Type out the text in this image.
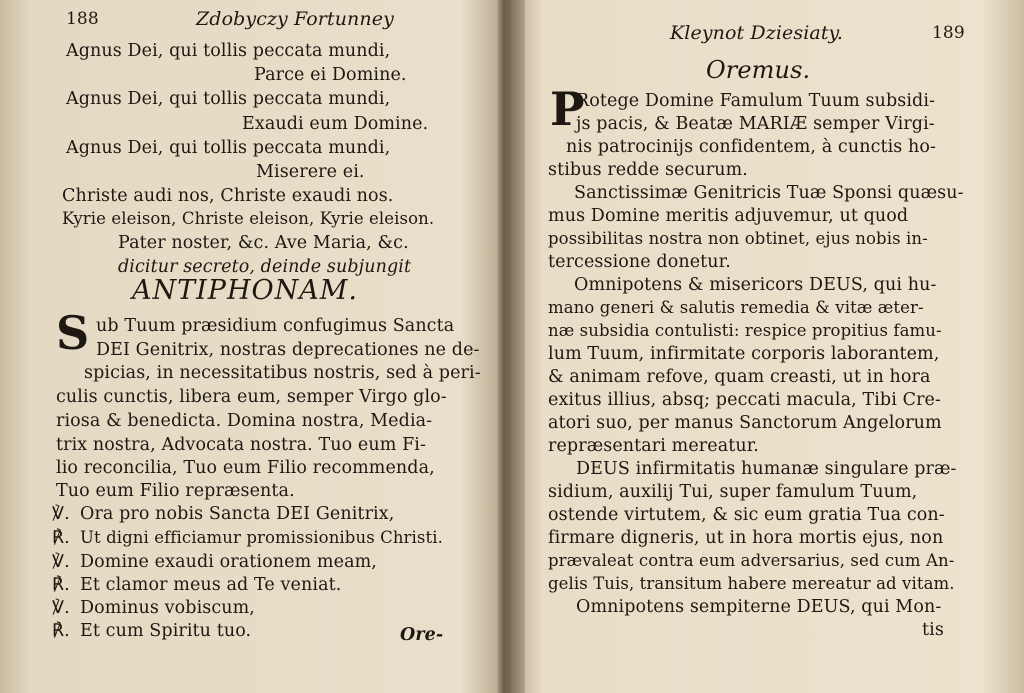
188	Zdobyczy Fortunney
Agnus Dei, qui tollis peccata mundi,
Parce ei Domine.
Agnus Dei, qui tollis peccata mundi,
Exaudi eum Domine.
Agnus Dei, qui tollis peccata mundi,
Miserere ei.
Christe audi nos, Christe exaudi nos.
Kyrie eleison, Christe eleison, Kyrie eleison.
Pater noster, &c. Ave Maria, &c.
dicitur secreto, deinde subjungit
ANTIPHONAM.
S ub Tuum præsidium confugimus Sancta
DEI Genitrix, nostras deprecationes ne de-
spicias, in necessitatibus nostris, sed à peri-
culis cunctis, libera eum, semper Virgo glo-
riosa & benedicta. Domina nostra, Media-
trix nostra, Advocata nostra. Tuo eum Fi-
lio reconcilia, Tuo eum Filio recommenda,
Tuo eum Filio repræsenta.
℣. Ora pro nobis Sancta DEI Genitrix,
℟. Ut digni efficiamur promissionibus Christi.
℣. Domine exaudi orationem meam,
℟. Et clamor meus ad Te veniat.
℣. Dominus vobiscum,
℟. Et cum Spiritu tuo.	Ore-
Kleynot Dziesiaty.	189
Oremus.
P
Rotege Domine Famulum Tuum subsidi-
js pacis, & Beatæ MARIÆ semper Virgi-
nis patrocinijs confidentem, à cunctis ho-
stibus redde securum.
Sanctissimæ Genitricis Tuæ Sponsi quæsu-
mus Domine meritis adjuvemur, ut quod
possibilitas nostra non obtinet, ejus nobis in-
tercessione donetur.
Omnipotens & misericors DEUS, qui hu-
mano generi & salutis remedia & vitæ æter-
næ subsidia contulisti: respice propitius famu-
lum Tuum, infirmitate corporis laborantem,
& animam refove, quam creasti, ut in hora
exitus illius, absq; peccati macula, Tibi Cre-
atori suo, per manus Sanctorum Angelorum
repræsentari mereatur.
DEUS infirmitatis humanæ singulare præ-
sidium, auxilij Tui, super famulum Tuum,
ostende virtutem, & sic eum gratia Tua con-
firmare digneris, ut in hora mortis ejus, non
prævaleat contra eum adversarius, sed cum An-
gelis Tuis, transitum habere mereatur ad vitam.
Omnipotens sempiterne DEUS, qui Mon-
tis
